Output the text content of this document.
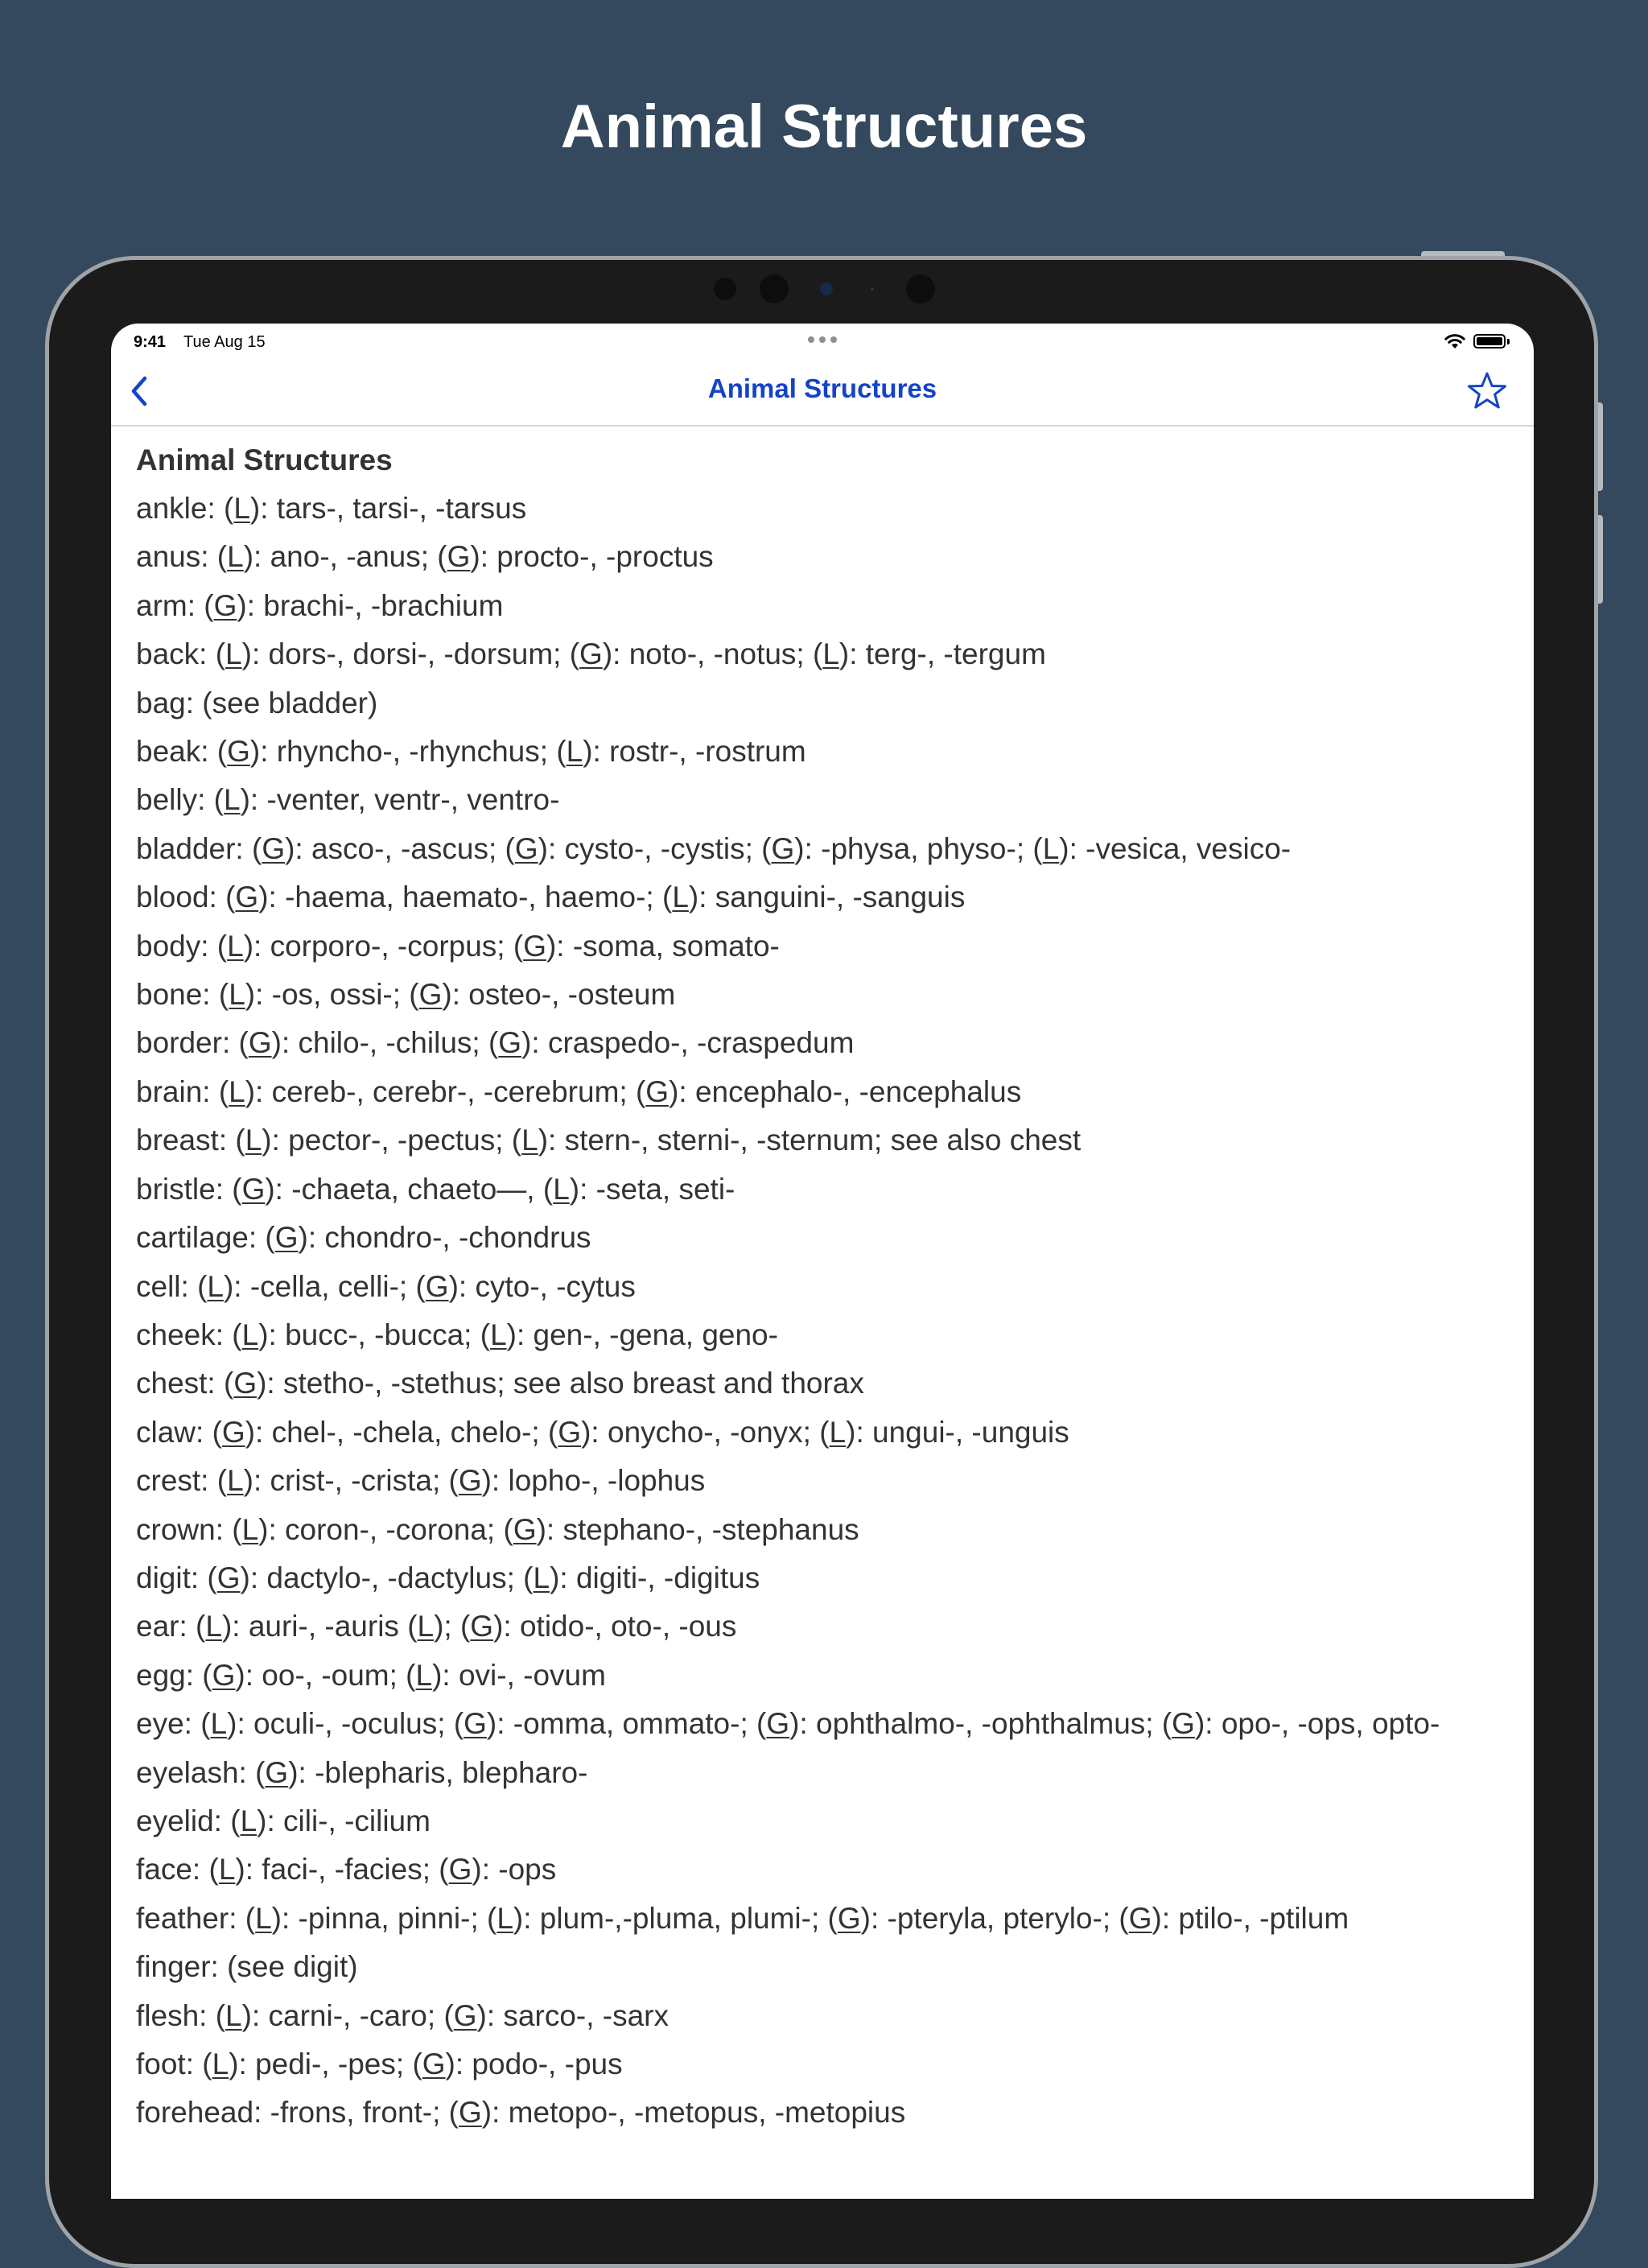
Animal Structures
9:41 Tue Aug 15
Animal Structures
Animal Structures
ankle: (L): tars-, tarsi-, -tarsus
anus: (L): ano-, -anus; (G): procto-, -proctus
arm: (G): brachi-, -brachium
back: (L): dors-, dorsi-, -dorsum; (G): noto-, -notus; (L): terg-, -tergum
bag: (see bladder)
beak: (G): rhyncho-, -rhynchus; (L): rostr-, -rostrum
belly: (L): -venter, ventr-, ventro-
bladder: (G): asco-, -ascus; (G): cysto-, -cystis; (G): -physa, physo-; (L): -vesica, vesico-
blood: (G): -haema, haemato-, haemo-; (L): sanguini-, -sanguis
body: (L): corporo-, -corpus; (G): -soma, somato-
bone: (L): -os, ossi-; (G): osteo-, -osteum
border: (G): chilo-, -chilus; (G): craspedo-, -craspedum
brain: (L): cereb-, cerebr-, -cerebrum; (G): encephalo-, -encephalus
breast: (L): pector-, -pectus; (L): stern-, sterni-, -sternum; see also chest
bristle: (G): -chaeta, chaeto—, (L): -seta, seti-
cartilage: (G): chondro-, -chondrus
cell: (L): -cella, celli-; (G): cyto-, -cytus
cheek: (L): bucc-, -bucca; (L): gen-, -gena, geno-
chest: (G): stetho-, -stethus; see also breast and thorax
claw: (G): chel-, -chela, chelo-; (G): onycho-, -onyx; (L): ungui-, -unguis
crest: (L): crist-, -crista; (G): lopho-, -lophus
crown: (L): coron-, -corona; (G): stephano-, -stephanus
digit: (G): dactylo-, -dactylus; (L): digiti-, -digitus
ear: (L): auri-, -auris (L); (G): otido-, oto-, -ous
egg: (G): oo-, -oum; (L): ovi-, -ovum
eye: (L): oculi-, -oculus; (G): -omma, ommato-; (G): ophthalmo-, -ophthalmus; (G): opo-, -ops, opto-
eyelash: (G): -blepharis, blepharo-
eyelid: (L): cili-, -cilium
face: (L): faci-, -facies; (G): -ops
feather: (L): -pinna, pinni-; (L): plum-,-pluma, plumi-; (G): -pteryla, pterylo-; (G): ptilo-, -ptilum
finger: (see digit)
flesh: (L): carni-, -caro; (G): sarco-, -sarx
foot: (L): pedi-, -pes; (G): podo-, -pus
forehead: -frons, front-; (G): metopo-, -metopus, -metopius
